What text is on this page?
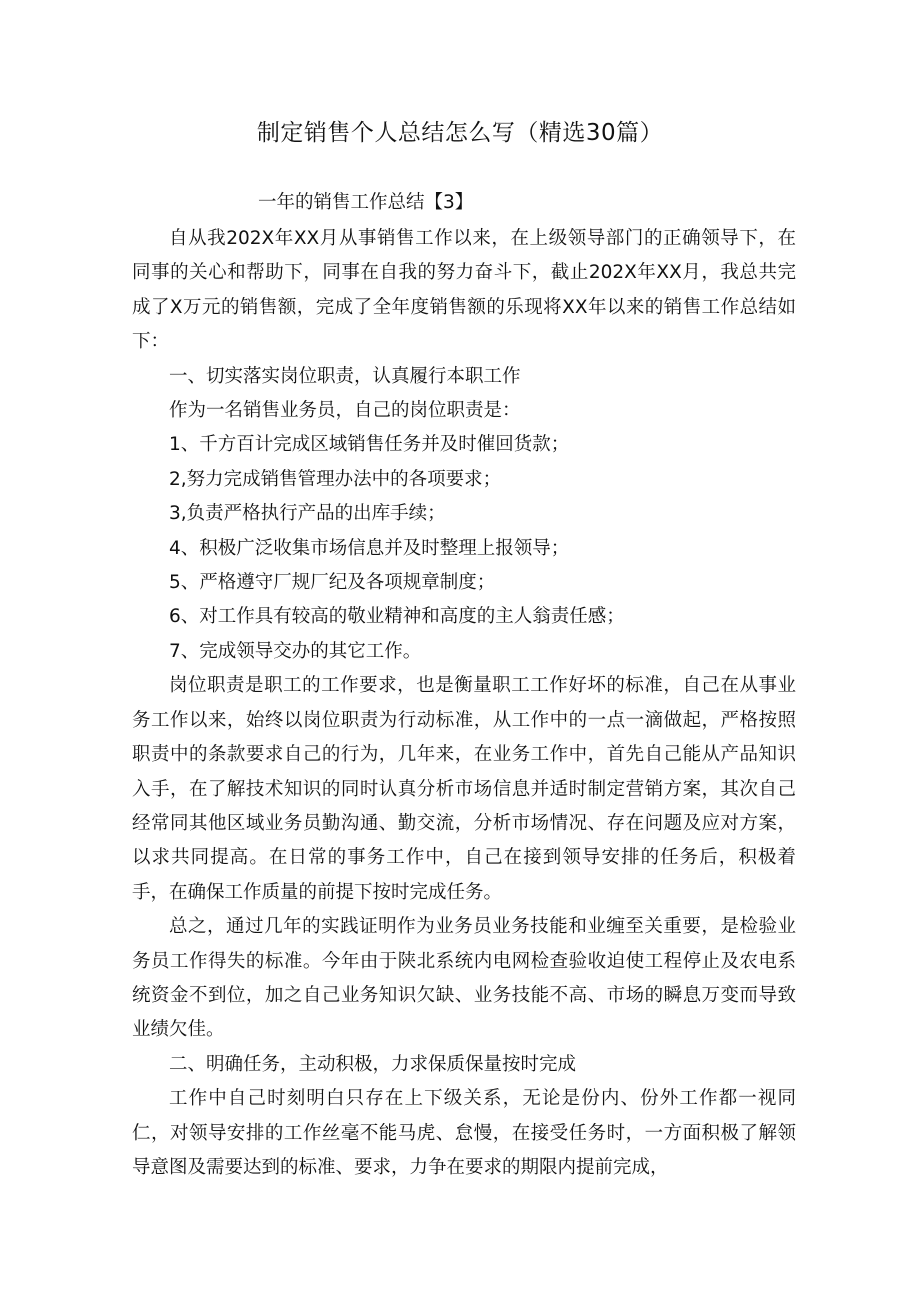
制定销售个人总结怎么写（精选30篇）
一年的销售工作总结【3】

自从我202X年XX月从事销售工作以来，在上级领导部门的正确领导下，在同事的关心和帮助下，同事在自我的努力奋斗下，截止202X年XX月，我总共完成了X万元的销售额，完成了全年度销售额的乐现将XX年以来的销售工作总结如下：

一、切实落实岗位职责，认真履行本职工作

作为一名销售业务员，自己的岗位职责是：

1、千方百计完成区域销售任务并及时催回货款；

2,努力完成销售管理办法中的各项要求；

3,负责严格执行产品的出库手续；

4、积极广泛收集市场信息并及时整理上报领导；

5、严格遵守厂规厂纪及各项规章制度；

6、对工作具有较高的敬业精神和高度的主人翁责任感；

7、完成领导交办的其它工作。

岗位职责是职工的工作要求，也是衡量职工工作好坏的标准，自己在从事业务工作以来，始终以岗位职责为行动标准，从工作中的一点一滴做起，严格按照职责中的条款要求自己的行为，几年来，在业务工作中，首先自己能从产品知识入手，在了解技术知识的同时认真分析市场信息并适时制定营销方案，其次自己经常同其他区域业务员勤沟通、勤交流，分析市场情况、存在问题及应对方案，以求共同提高。在日常的事务工作中，自己在接到领导安排的任务后，积极着手，在确保工作质量的前提下按时完成任务。

总之，通过几年的实践证明作为业务员业务技能和业缠至关重要，是检验业务员工作得失的标准。今年由于陕北系统内电网检查验收迫使工程停止及农电系统资金不到位，加之自己业务知识欠缺、业务技能不高、市场的瞬息万变而导致业绩欠佳。

二、明确任务，主动积极，力求保质保量按时完成

工作中自己时刻明白只存在上下级关系，无论是份内、份外工作都一视同仁，对领导安排的工作丝毫不能马虎、怠慢，在接受任务时，一方面积极了解领导意图及需要达到的标准、要求，力争在要求的期限内提前完成，
